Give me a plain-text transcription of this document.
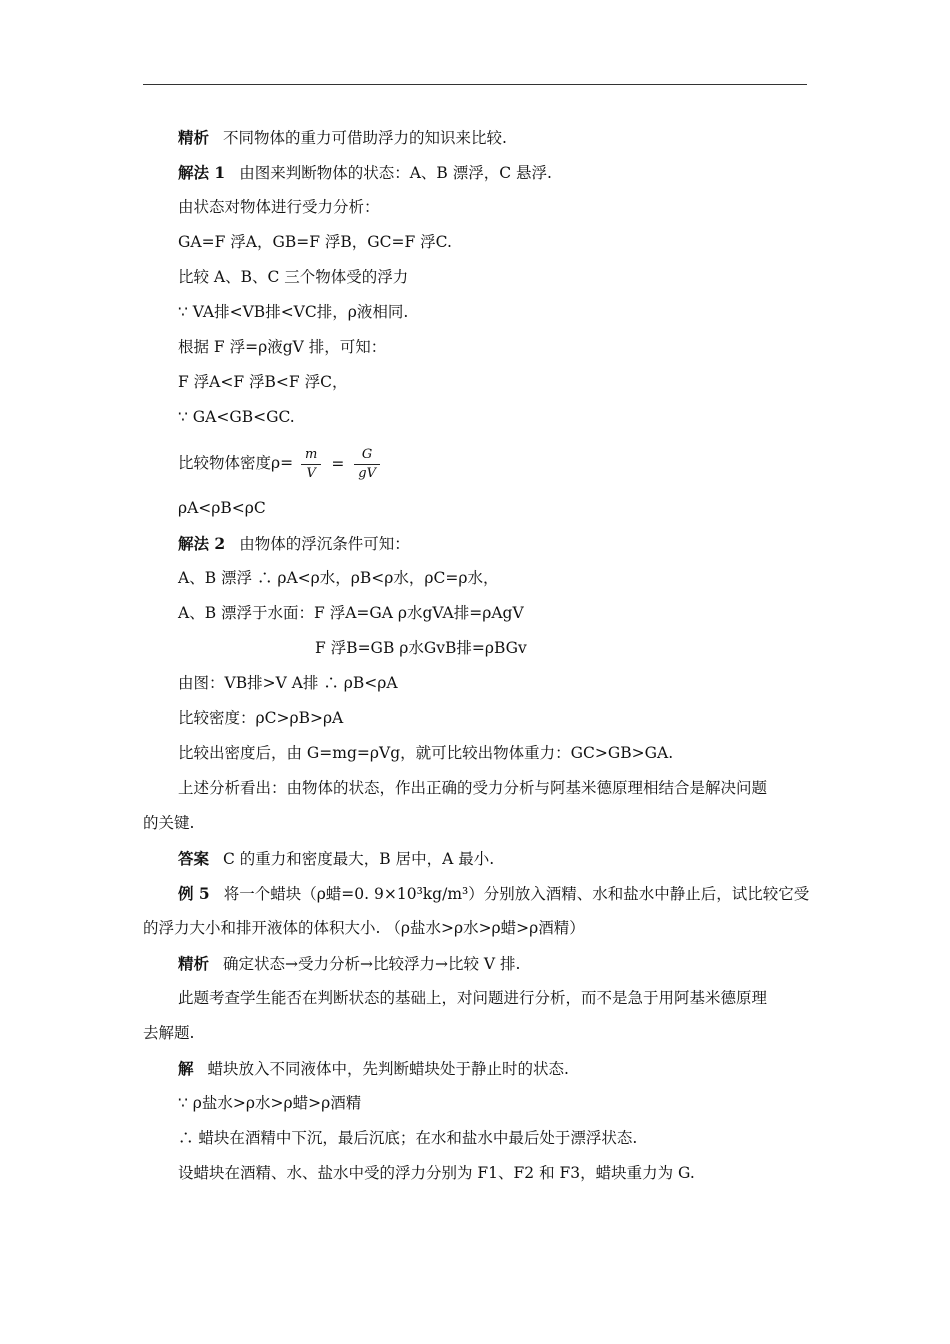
精析 不同物体的重力可借助浮力的知识来比较.
解法 1 由图来判断物体的状态：A、B 漂浮，C 悬浮.
由状态对物体进行受力分析：
GA=F 浮A，GB=F 浮B，GC=F 浮C.
比较 A、B、C 三个物体受的浮力
∵ VA排<VB排<VC排，ρ液相同.
根据 F 浮=ρ液gV 排，可知：
F 浮A<F 浮B<F 浮C，
∵ GA<GB<GC.
比较物体密度$\rho= \frac{m}{V} = \frac{G}{gV}$
ρA<ρB<ρC
解法 2 由物体的浮沉条件可知：
A、B 漂浮 ∴ ρA<ρ水，ρB<ρ水，ρC=ρ水，
A、B 漂浮于水面：F 浮A=GA ρ水gVA排=ρAgV
F 浮B=GB ρ水GvB排=ρBGv
由图：VB排>V A排 ∴ ρB<ρA
比较密度：ρC>ρB>ρA
比较出密度后，由 G=mg=ρVg，就可比较出物体重力：GC>GB>GA.
上述分析看出：由物体的状态，作出正确的受力分析与阿基米德原理相结合是解决问题
的关键.
答案 C 的重力和密度最大，B 居中，A 最小.
例 5 将一个蜡块（ρ蜡=0. 9×10³kg/m³）分别放入酒精、水和盐水中静止后，试比较它受
的浮力大小和排开液体的体积大小. （ρ盐水>ρ水>ρ蜡>ρ酒精）
精析 确定状态→受力分析→比较浮力→比较 V 排.
此题考查学生能否在判断状态的基础上，对问题进行分析，而不是急于用阿基米德原理
去解题.
解 蜡块放入不同液体中，先判断蜡块处于静止时的状态.
∵ ρ盐水>ρ水>ρ蜡>ρ酒精
∴ 蜡块在酒精中下沉，最后沉底；在水和盐水中最后处于漂浮状态.
设蜡块在酒精、水、盐水中受的浮力分别为 F1、F2 和 F3，蜡块重力为 G.
